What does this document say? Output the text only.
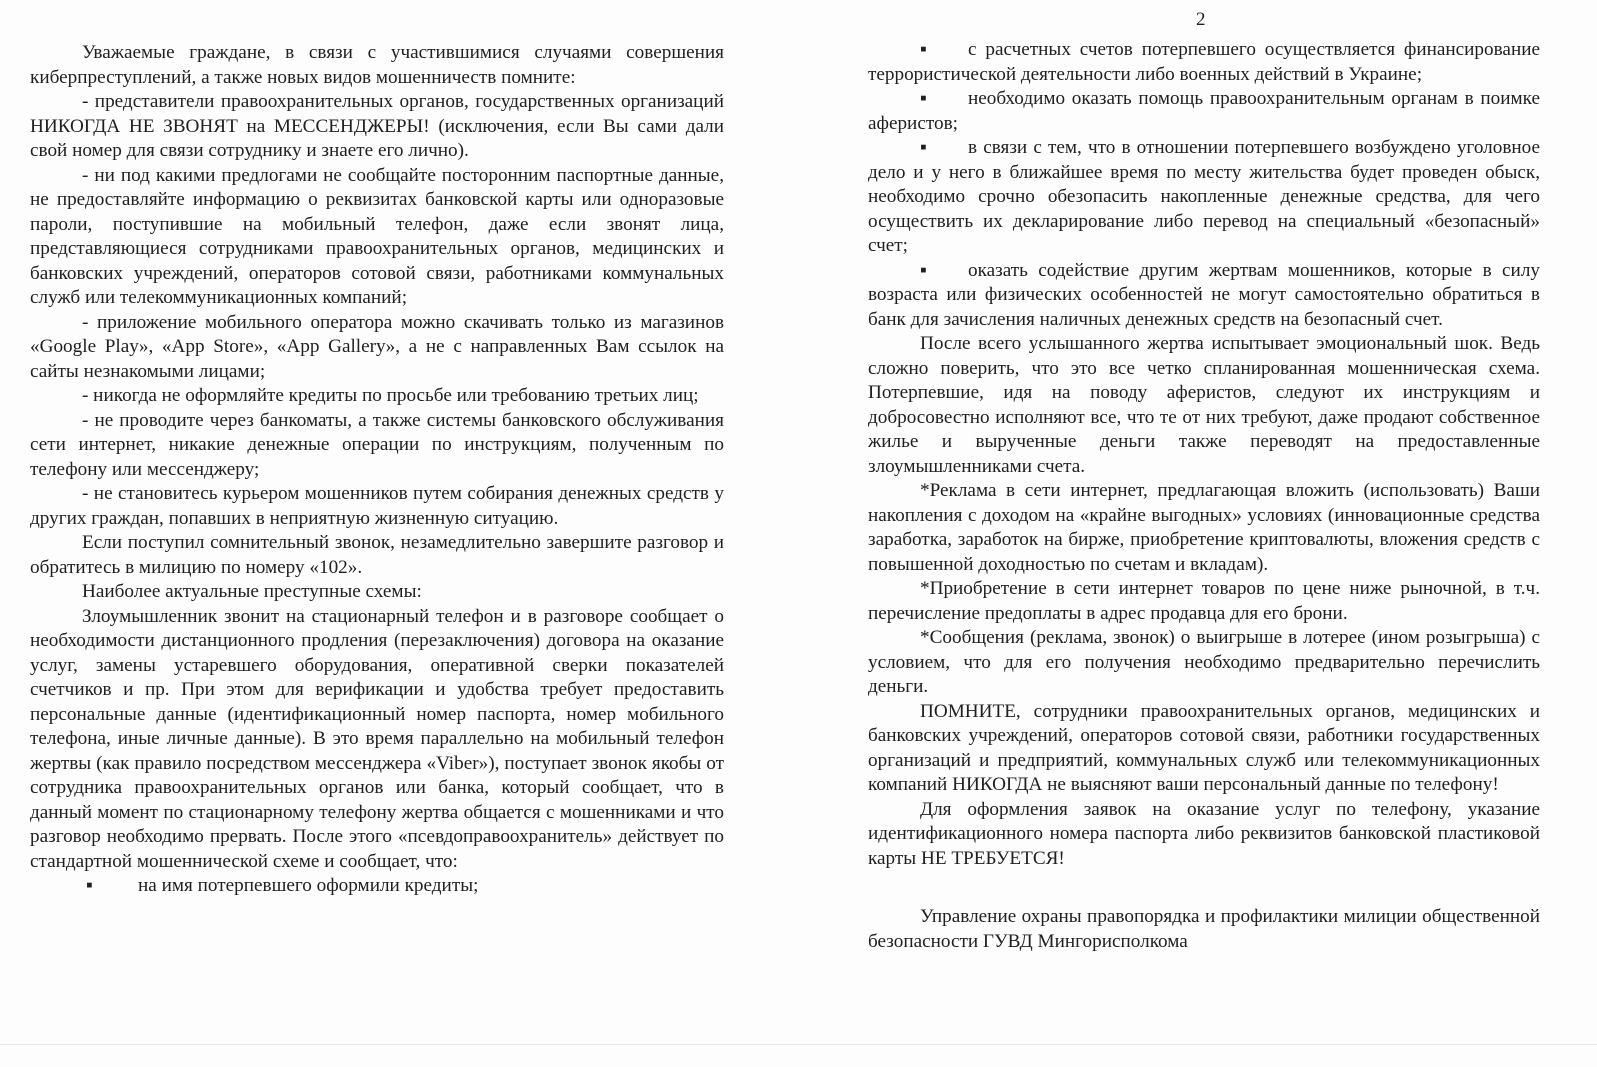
Уважаемые граждане, в связи с участившимися случаями совершения киберпреступлений, а также новых видов мошенничеств помните:

- представители правоохранительных органов, государственных организаций НИКОГДА НЕ ЗВОНЯТ на МЕССЕНДЖЕРЫ! (исключения, если Вы сами дали свой номер для связи сотруднику и знаете его лично).

- ни под какими предлогами не сообщайте посторонним паспортные данные, не предоставляйте информацию о реквизитах банковской карты или одноразовые пароли, поступившие на мобильный телефон, даже если звонят лица, представляющиеся сотрудниками правоохранительных органов, медицинских и банковских учреждений, операторов сотовой связи, работниками коммунальных служб или телекоммуникационных компаний;

- приложение мобильного оператора можно скачивать только из магазинов «Google Play», «App Store», «App Gallery», а не с направленных Вам ссылок на сайты незнакомыми лицами;

- никогда не оформляйте кредиты по просьбе или требованию третьих лиц;

- не проводите через банкоматы, а также системы банковского обслуживания сети интернет, никакие денежные операции по инструкциям, полученным по телефону или мессенджеру;

- не становитесь курьером мошенников путем собирания денежных средств у других граждан, попавших в неприятную жизненную ситуацию.

Если поступил сомнительный звонок, незамедлительно завершите разговор и обратитесь в милицию по номеру «102».

Наиболее актуальные преступные схемы:

Злоумышленник звонит на стационарный телефон и в разговоре сообщает о необходимости дистанционного продления (перезаключения) договора на оказание услуг, замены устаревшего оборудования, оперативной сверки показателей счетчиков и пр. При этом для верификации и удобства требует предоставить персональные данные (идентификационный номер паспорта, номер мобильного телефона, иные личные данные). В это время параллельно на мобильный телефон жертвы (как правило посредством мессенджера «Viber»), поступает звонок якобы от сотрудника правоохранительных органов или банка, который сообщает, что в данный момент по стационарному телефону жертва общается с мошенниками и что разговор необходимо прервать. После этого «псевдоправоохранитель» действует по стандартной мошеннической схеме и сообщает, что:

▪ на имя потерпевшего оформили кредиты;

▪ с расчетных счетов потерпевшего осуществляется финансирование террористической деятельности либо военных действий в Украине;

▪ необходимо оказать помощь правоохранительным органам в поимке аферистов;

▪ в связи с тем, что в отношении потерпевшего возбуждено уголовное дело и у него в ближайшее время по месту жительства будет проведен обыск, необходимо срочно обезопасить накопленные денежные средства, для чего осуществить их декларирование либо перевод на специальный «безопасный» счет;

▪ оказать содействие другим жертвам мошенников, которые в силу возраста или физических особенностей не могут самостоятельно обратиться в банк для зачисления наличных денежных средств на безопасный счет.

После всего услышанного жертва испытывает эмоциональный шок. Ведь сложно поверить, что это все четко спланированная мошенническая схема. Потерпевшие, идя на поводу аферистов, следуют их инструкциям и добросовестно исполняют все, что те от них требуют, даже продают собственное жилье и вырученные деньги также переводят на предоставленные злоумышленниками счета.

*Реклама в сети интернет, предлагающая вложить (использовать) Ваши накопления с доходом на «крайне выгодных» условиях (инновационные средства заработка, заработок на бирже, приобретение криптовалюты, вложения средств с повышенной доходностью по счетам и вкладам).

*Приобретение в сети интернет товаров по цене ниже рыночной, в т.ч. перечисление предоплаты в адрес продавца для его брони.

*Сообщения (реклама, звонок) о выигрыше в лотерее (ином розыгрыша) с условием, что для его получения необходимо предварительно перечислить деньги.

ПОМНИТЕ, сотрудники правоохранительных органов, медицинских и банковских учреждений, операторов сотовой связи, работники государственных организаций и предприятий, коммунальных служб или телекоммуникационных компаний НИКОГДА не выясняют ваши персональный данные по телефону!

Для оформления заявок на оказание услуг по телефону, указание идентификационного номера паспорта либо реквизитов банковской пластиковой карты НЕ ТРЕБУЕТСЯ!

Управление охраны правопорядка и профилактики милиции общественной безопасности ГУВД Мингорисполкома

2
